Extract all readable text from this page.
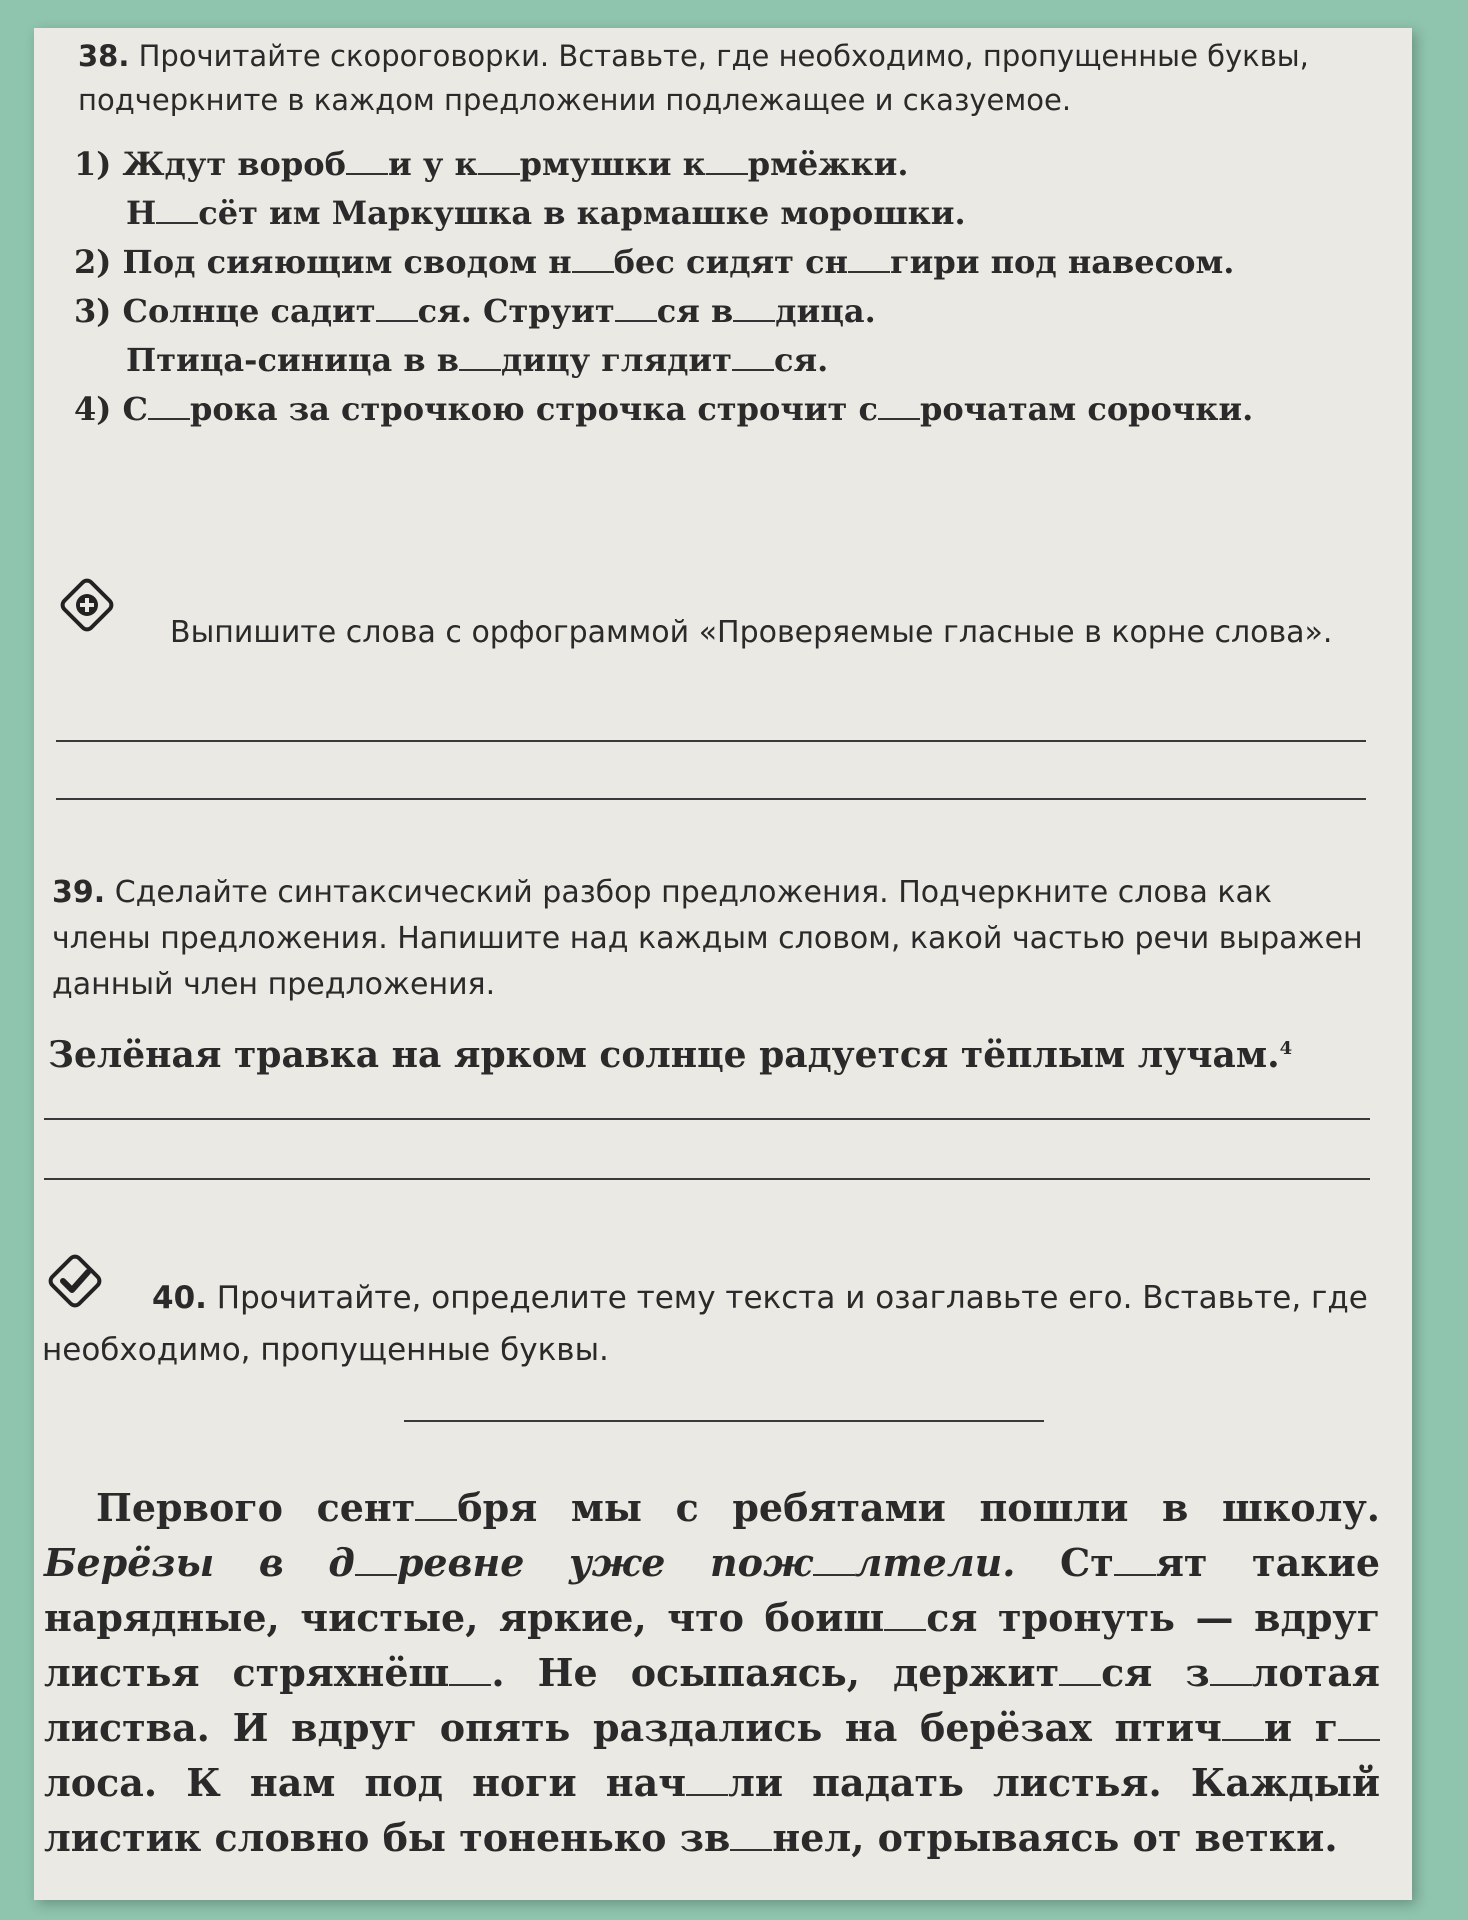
38. Прочитайте скороговорки. Вставьте, где необходимо, пропущенные буквы, подчеркните в каждом предложении подлежащее и сказуемое.
1) Ждут вороб и у к рмушки к рмёжки.
Н сёт им Маркушка в кармашке морошки.
2) Под сияющим сводом н бес сидят сн гири под навесом.
3) Солнце садит ся. Струит ся в дица.
Птица-синица в в дицу глядит ся.
4) С рока за строчкою строчка строчит с рочатам сорочки.
Выпишите слова с орфограммой «Проверяемые гласные в корне слова».
39. Сделайте синтаксический разбор предложения. Подчеркните слова как члены предложения. Напишите над каждым словом, какой частью речи выражен данный член предложения.
Зелёная травка на ярком солнце радуется тёплым лучам.$^4$
40. Прочитайте, определите тему текста и озаглавьте его. Вставьте, где необходимо, пропущенные буквы.
Первого сент бря мы с ребятами пошли в школу. Берёзы в д ревне уже пож лтели. Ст ят такие нарядные, чистые, яркие, что боиш ся тронуть — вдруг листья стряхнёш . Не осыпаясь, держит ся з лотая листва. И вдруг опять раздались на берёзах птич и глоса. К нам под ноги нач ли падать листья. Каждый листик словно бы тоненько зв нел, отрываясь от ветки.
